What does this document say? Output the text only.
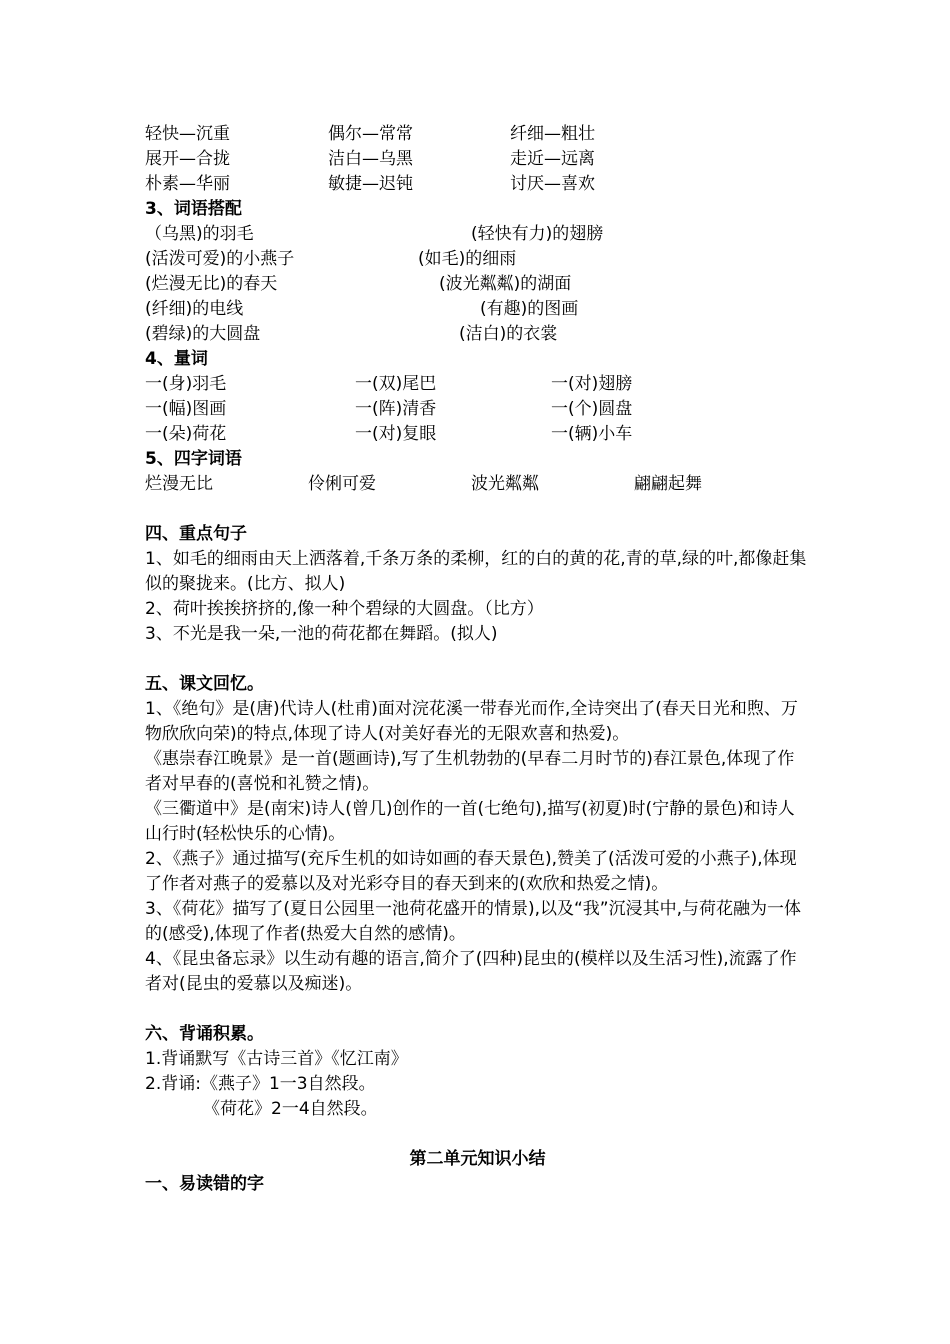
轻快—沉重	偶尔—常常	纤细—粗壮
展开—合拢	洁白—乌黑	走近—远离
朴素—华丽	敏捷—迟钝	讨厌—喜欢
3、词语搭配
（乌黑)的羽毛	(轻快有力)的翅膀
(活泼可爱)的小燕子	(如毛)的细雨
(烂漫无比)的春天	(波光粼粼)的湖面
(纤细)的电线	(有趣)的图画
(碧绿)的大圆盘	(洁白)的衣裳
4、量词
一(身)羽毛	一(双)尾巴	一(对)翅膀
一(幅)图画	一(阵)清香	一(个)圆盘
一(朵)荷花	一(对)复眼	一(辆)小车
5、四字词语
烂漫无比	伶俐可爱	波光粼粼	翩翩起舞
四、重点句子
1、如毛的细雨由天上洒落着,千条万条的柔柳，红的白的黄的花,青的草,绿的叶,都像赶集似的聚拢来。(比方、拟人)
2、荷叶挨挨挤挤的,像一种个碧绿的大圆盘。（比方）
3、不光是我一朵,一池的荷花都在舞蹈。(拟人)
五、课文回忆。
1、《绝句》是(唐)代诗人(杜甫)面对浣花溪一带春光而作,全诗突出了(春天日光和煦、万物欣欣向荣)的特点,体现了诗人(对美好春光的无限欢喜和热爱)。
《惠崇春江晚景》是一首(题画诗),写了生机勃勃的(早春二月时节的)春江景色,体现了作者对早春的(喜悦和礼赞之情)。
《三衢道中》是(南宋)诗人(曾几)创作的一首(七绝句),描写(初夏)时(宁静的景色)和诗人山行时(轻松快乐的心情)。
2、《燕子》通过描写(充斥生机的如诗如画的春天景色),赞美了(活泼可爱的小燕子),体现了作者对燕子的爱慕以及对光彩夺目的春天到来的(欢欣和热爱之情)。
3、《荷花》描写了(夏日公园里一池荷花盛开的情景),以及“我”沉浸其中,与荷花融为一体的(感受),体现了作者(热爱大自然的感情)。
4、《昆虫备忘录》以生动有趣的语言,简介了(四种)昆虫的(模样以及生活习性),流露了作者对(昆虫的爱慕以及痴迷)。
六、背诵积累。
1.背诵默写《古诗三首》《忆江南》
2.背诵:《燕子》1一3自然段。
《荷花》2一4自然段。
第二单元知识小结
一、易读错的字
